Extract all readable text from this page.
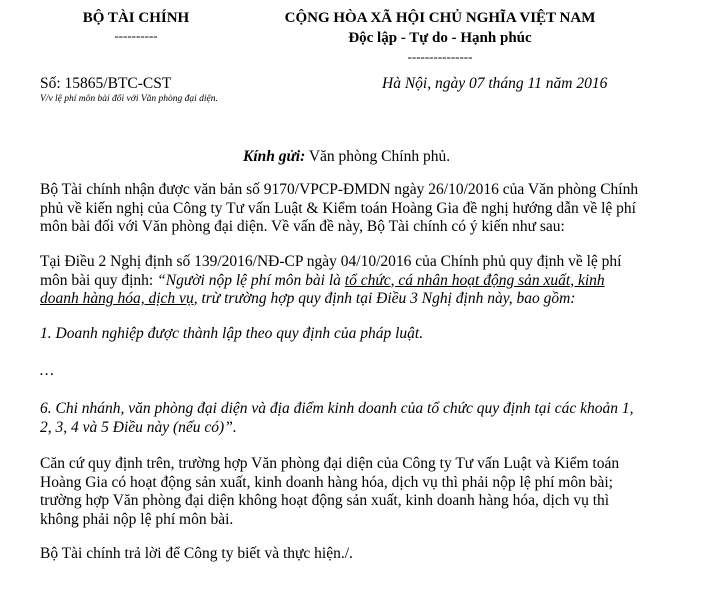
BỘ TÀI CHÍNH
----------
CỘNG HÒA XÃ HỘI CHỦ NGHĨA VIỆT NAM
Độc lập - Tự do - Hạnh phúc
---------------
Số: 15865/BTC-CST
V/v lệ phí môn bài đối với Văn phòng đại diện.
Hà Nội, ngày 07 tháng 11 năm 2016
Kính gửi: Văn phòng Chính phủ.
Bộ Tài chính nhận được văn bản số 9170/VPCP-ĐMDN ngày 26/10/2016 của Văn phòng Chính
phủ về kiến nghị của Công ty Tư vấn Luật & Kiểm toán Hoàng Gia đề nghị hướng dẫn về lệ phí
môn bài đối với Văn phòng đại diện. Về vấn đề này, Bộ Tài chính có ý kiến như sau:
Tại Điều 2 Nghị định số 139/2016/NĐ-CP ngày 04/10/2016 của Chính phủ quy định về lệ phí
môn bài quy định: “Người nộp lệ phí môn bài là tổ chức, cá nhân hoạt động sản xuất, kinh
doanh hàng hóa, dịch vụ, trừ trường hợp quy định tại Điều 3 Nghị định này, bao gồm:
1. Doanh nghiệp được thành lập theo quy định của pháp luật.
…
6. Chi nhánh, văn phòng đại diện và địa điểm kinh doanh của tổ chức quy định tại các khoản 1,
2, 3, 4 và 5 Điều này (nếu có)”.
Căn cứ quy định trên, trường hợp Văn phòng đại diện của Công ty Tư vấn Luật và Kiểm toán
Hoàng Gia có hoạt động sản xuất, kinh doanh hàng hóa, dịch vụ thì phải nộp lệ phí môn bài;
trường hợp Văn phòng đại diện không hoạt động sản xuất, kinh doanh hàng hóa, dịch vụ thì
không phải nộp lệ phí môn bài.
Bộ Tài chính trả lời để Công ty biết và thực hiện./.
